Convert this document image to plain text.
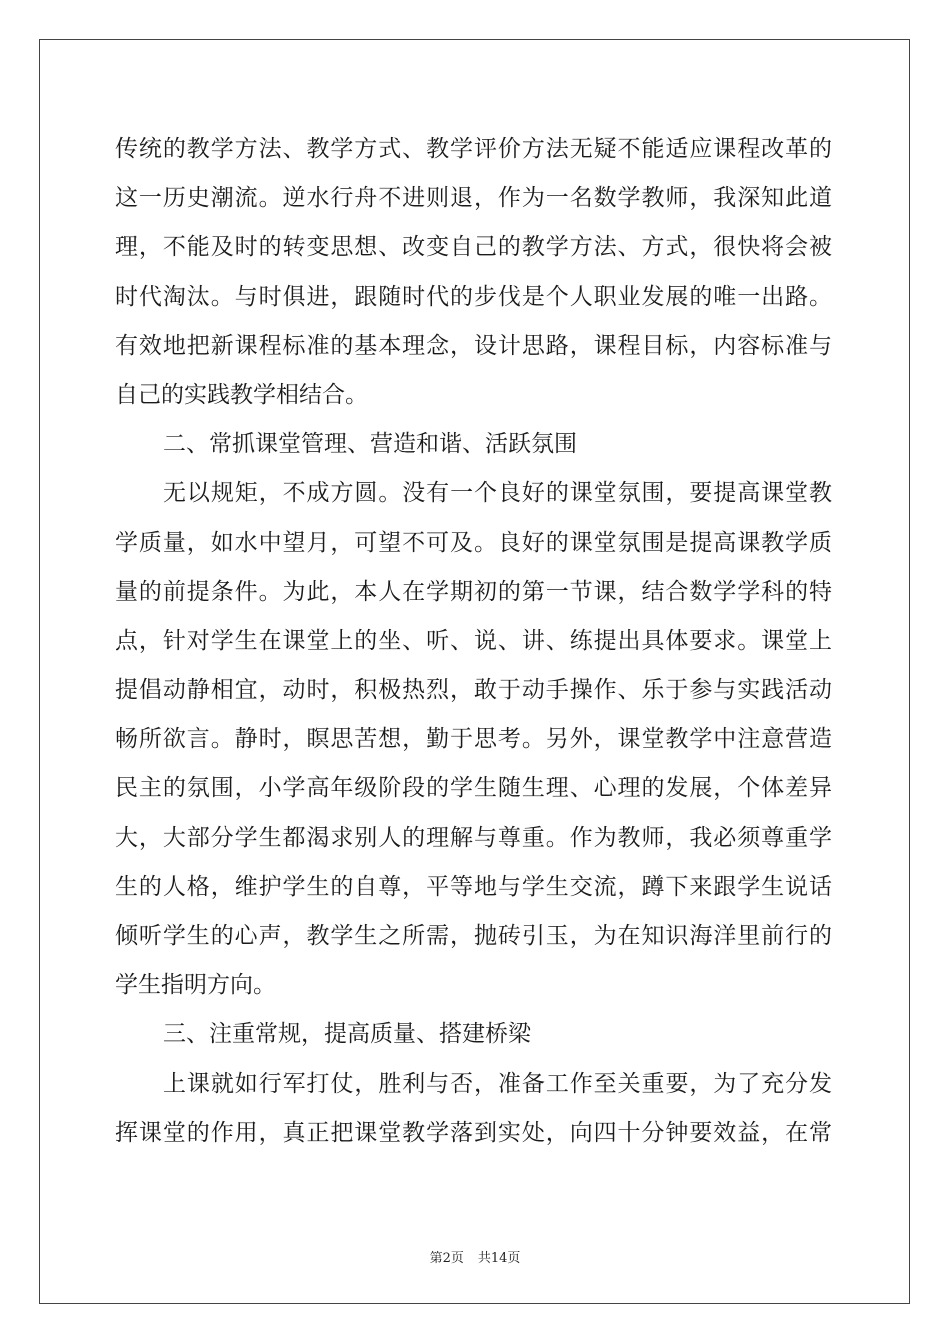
传统的教学方法、教学方式、教学评价方法无疑不能适应课程改革的
这一历史潮流。逆水行舟不进则退，作为一名数学教师，我深知此道
理，不能及时的转变思想、改变自己的教学方法、方式，很快将会被
时代淘汰。与时俱进，跟随时代的步伐是个人职业发展的唯一出路。
有效地把新课程标准的基本理念，设计思路，课程目标，内容标准与
自己的实践教学相结合。
二、常抓课堂管理、营造和谐、活跃氛围
无以规矩，不成方圆。没有一个良好的课堂氛围，要提高课堂教
学质量，如水中望月，可望不可及。良好的课堂氛围是提高课教学质
量的前提条件。为此，本人在学期初的第一节课，结合数学学科的特
点，针对学生在课堂上的坐、听、说、讲、练提出具体要求。课堂上
提倡动静相宜，动时，积极热烈，敢于动手操作、乐于参与实践活动
畅所欲言。静时，瞑思苦想，勤于思考。另外，课堂教学中注意营造
民主的氛围，小学高年级阶段的学生随生理、心理的发展，个体差异
大，大部分学生都渴求别人的理解与尊重。作为教师，我必须尊重学
生的人格，维护学生的自尊，平等地与学生交流，蹲下来跟学生说话
倾听学生的心声，教学生之所需，抛砖引玉，为在知识海洋里前行的
学生指明方向。
三、注重常规，提高质量、搭建桥梁
上课就如行军打仗，胜利与否，准备工作至关重要，为了充分发
挥课堂的作用，真正把课堂教学落到实处，向四十分钟要效益，在常
第2页 共14页
